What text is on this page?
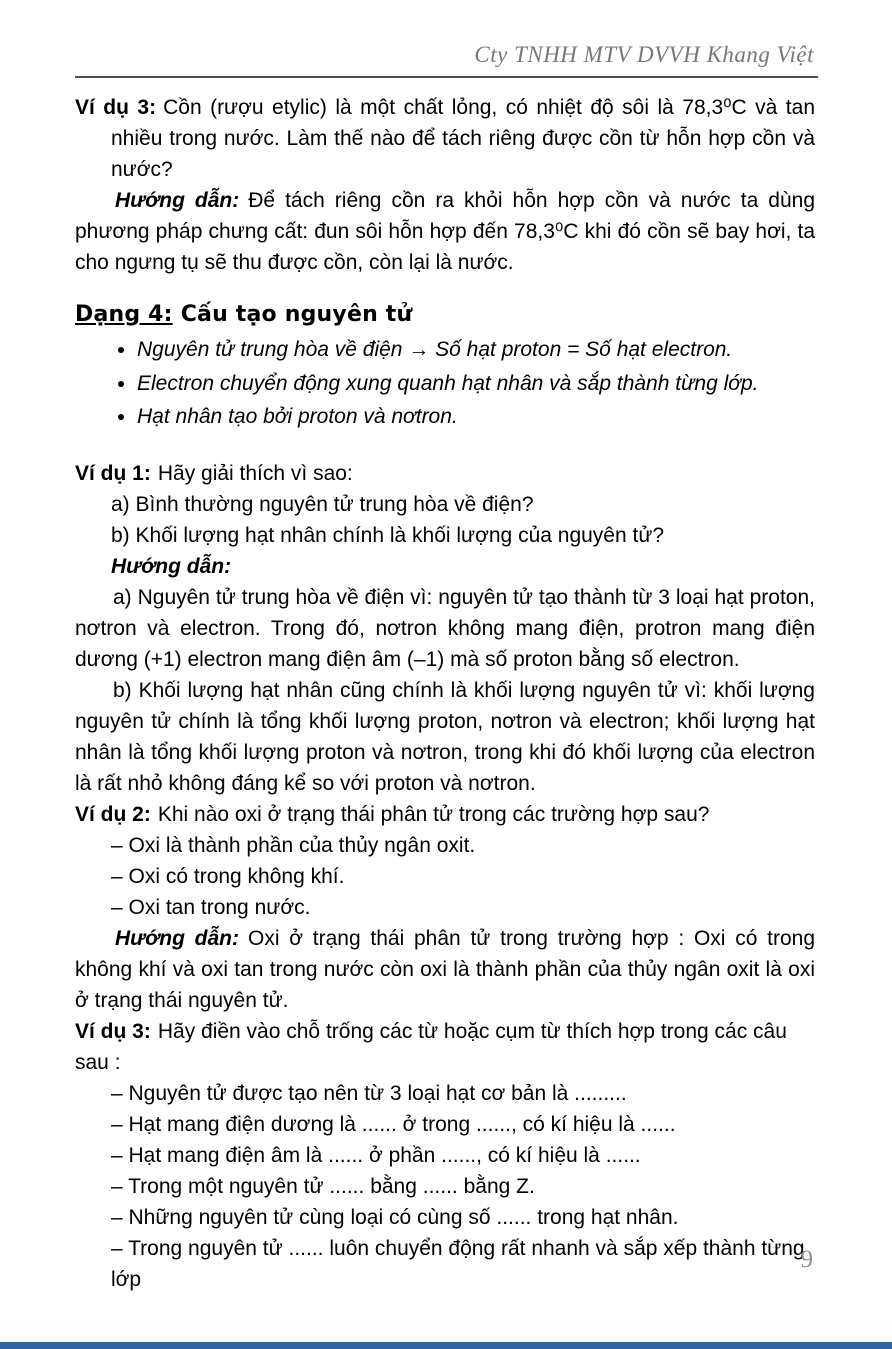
Cty TNHH MTV DVVH Khang Việt

Ví dụ 3: Cồn (rượu etylic) là một chất lỏng, có nhiệt độ sôi là 78,3⁰C và tan nhiều trong nước. Làm thế nào để tách riêng được cồn từ hỗn hợp cồn và nước?

Hướng dẫn: Để tách riêng cồn ra khỏi hỗn hợp cồn và nước ta dùng phương pháp chưng cất: đun sôi hỗn hợp đến 78,3⁰C khi đó cồn sẽ bay hơi, ta cho ngưng tụ sẽ thu được cồn, còn lại là nước.

Dạng 4: Cấu tạo nguyên tử

• Nguyên tử trung hòa về điện → Số hạt proton = Số hạt electron.
• Electron chuyển động xung quanh hạt nhân và sắp thành từng lớp.
• Hạt nhân tạo bởi proton và nơtron.

Ví dụ 1: Hãy giải thích vì sao:

a) Bình thường nguyên tử trung hòa về điện?

b) Khối lượng hạt nhân chính là khối lượng của nguyên tử?

Hướng dẫn:

a) Nguyên tử trung hòa về điện vì: nguyên tử tạo thành từ 3 loại hạt proton, nơtron và electron. Trong đó, nơtron không mang điện, protron mang điện dương (+1) electron mang điện âm (–1) mà số proton bằng số electron.

b) Khối lượng hạt nhân cũng chính là khối lượng nguyên tử vì: khối lượng nguyên tử chính là tổng khối lượng proton, nơtron và electron; khối lượng hạt nhân là tổng khối lượng proton và nơtron, trong khi đó khối lượng của electron là rất nhỏ không đáng kể so với proton và nơtron.

Ví dụ 2: Khi nào oxi ở trạng thái phân tử trong các trường hợp sau?

– Oxi là thành phần của thủy ngân oxit.

– Oxi có trong không khí.

– Oxi tan trong nước.

Hướng dẫn: Oxi ở trạng thái phân tử trong trường hợp : Oxi có trong không khí và oxi tan trong nước còn oxi là thành phần của thủy ngân oxit là oxi ở trạng thái nguyên tử.

Ví dụ 3: Hãy điền vào chỗ trống các từ hoặc cụm từ thích hợp trong các câu sau :

– Nguyên tử được tạo nên từ 3 loại hạt cơ bản là .........

– Hạt mang điện dương là ...... ở trong ......, có kí hiệu là ......

– Hạt mang điện âm là ...... ở phần ......, có kí hiệu là ......

– Trong một nguyên tử ...... bằng ...... bằng Z.

– Những nguyên tử cùng loại có cùng số ...... trong hạt nhân.

– Trong nguyên tử ...... luôn chuyển động rất nhanh và sắp xếp thành từng lớp

9
